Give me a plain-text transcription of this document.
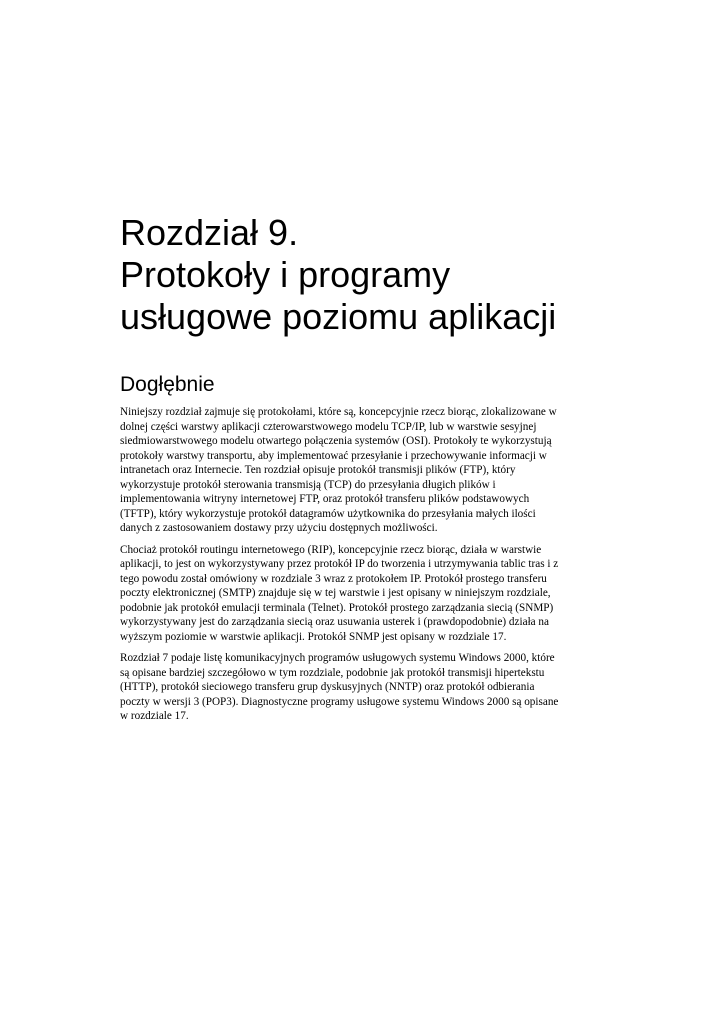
Rozdział 9.
Protokoły i programy
usługowe poziomu aplikacji
Dogłębnie

Niniejszy rozdział zajmuje się protokołami, które są, koncepcyjnie rzecz biorąc, zlokalizowane w
dolnej części warstwy aplikacji czterowarstwowego modelu TCP/IP, lub w warstwie sesyjnej
siedmiowarstwowego modelu otwartego połączenia systemów (OSI). Protokoły te wykorzystują
protokoły warstwy transportu, aby implementować przesyłanie i przechowywanie informacji w
intranetach oraz Internecie. Ten rozdział opisuje protokół transmisji plików (FTP), który
wykorzystuje protokół sterowania transmisją (TCP) do przesyłania długich plików i
implementowania witryny internetowej FTP, oraz protokół transferu plików podstawowych
(TFTP), który wykorzystuje protokół datagramów użytkownika do przesyłania małych ilości
danych z zastosowaniem dostawy przy użyciu dostępnych możliwości.

Chociaż protokół routingu internetowego (RIP), koncepcyjnie rzecz biorąc, działa w warstwie
aplikacji, to jest on wykorzystywany przez protokół IP do tworzenia i utrzymywania tablic tras i z
tego powodu został omówiony w rozdziale 3 wraz z protokołem IP. Protokół prostego transferu
poczty elektronicznej (SMTP) znajduje się w tej warstwie i jest opisany w niniejszym rozdziale,
podobnie jak protokół emulacji terminala (Telnet). Protokół prostego zarządzania siecią (SNMP)
wykorzystywany jest do zarządzania siecią oraz usuwania usterek i (prawdopodobnie) działa na
wyższym poziomie w warstwie aplikacji. Protokół SNMP jest opisany w rozdziale 17.

Rozdział 7 podaje listę komunikacyjnych programów usługowych systemu Windows 2000, które
są opisane bardziej szczegółowo w tym rozdziale, podobnie jak protokół transmisji hipertekstu
(HTTP), protokół sieciowego transferu grup dyskusyjnych (NNTP) oraz protokół odbierania
poczty w wersji 3 (POP3). Diagnostyczne programy usługowe systemu Windows 2000 są opisane
w rozdziale 17.
